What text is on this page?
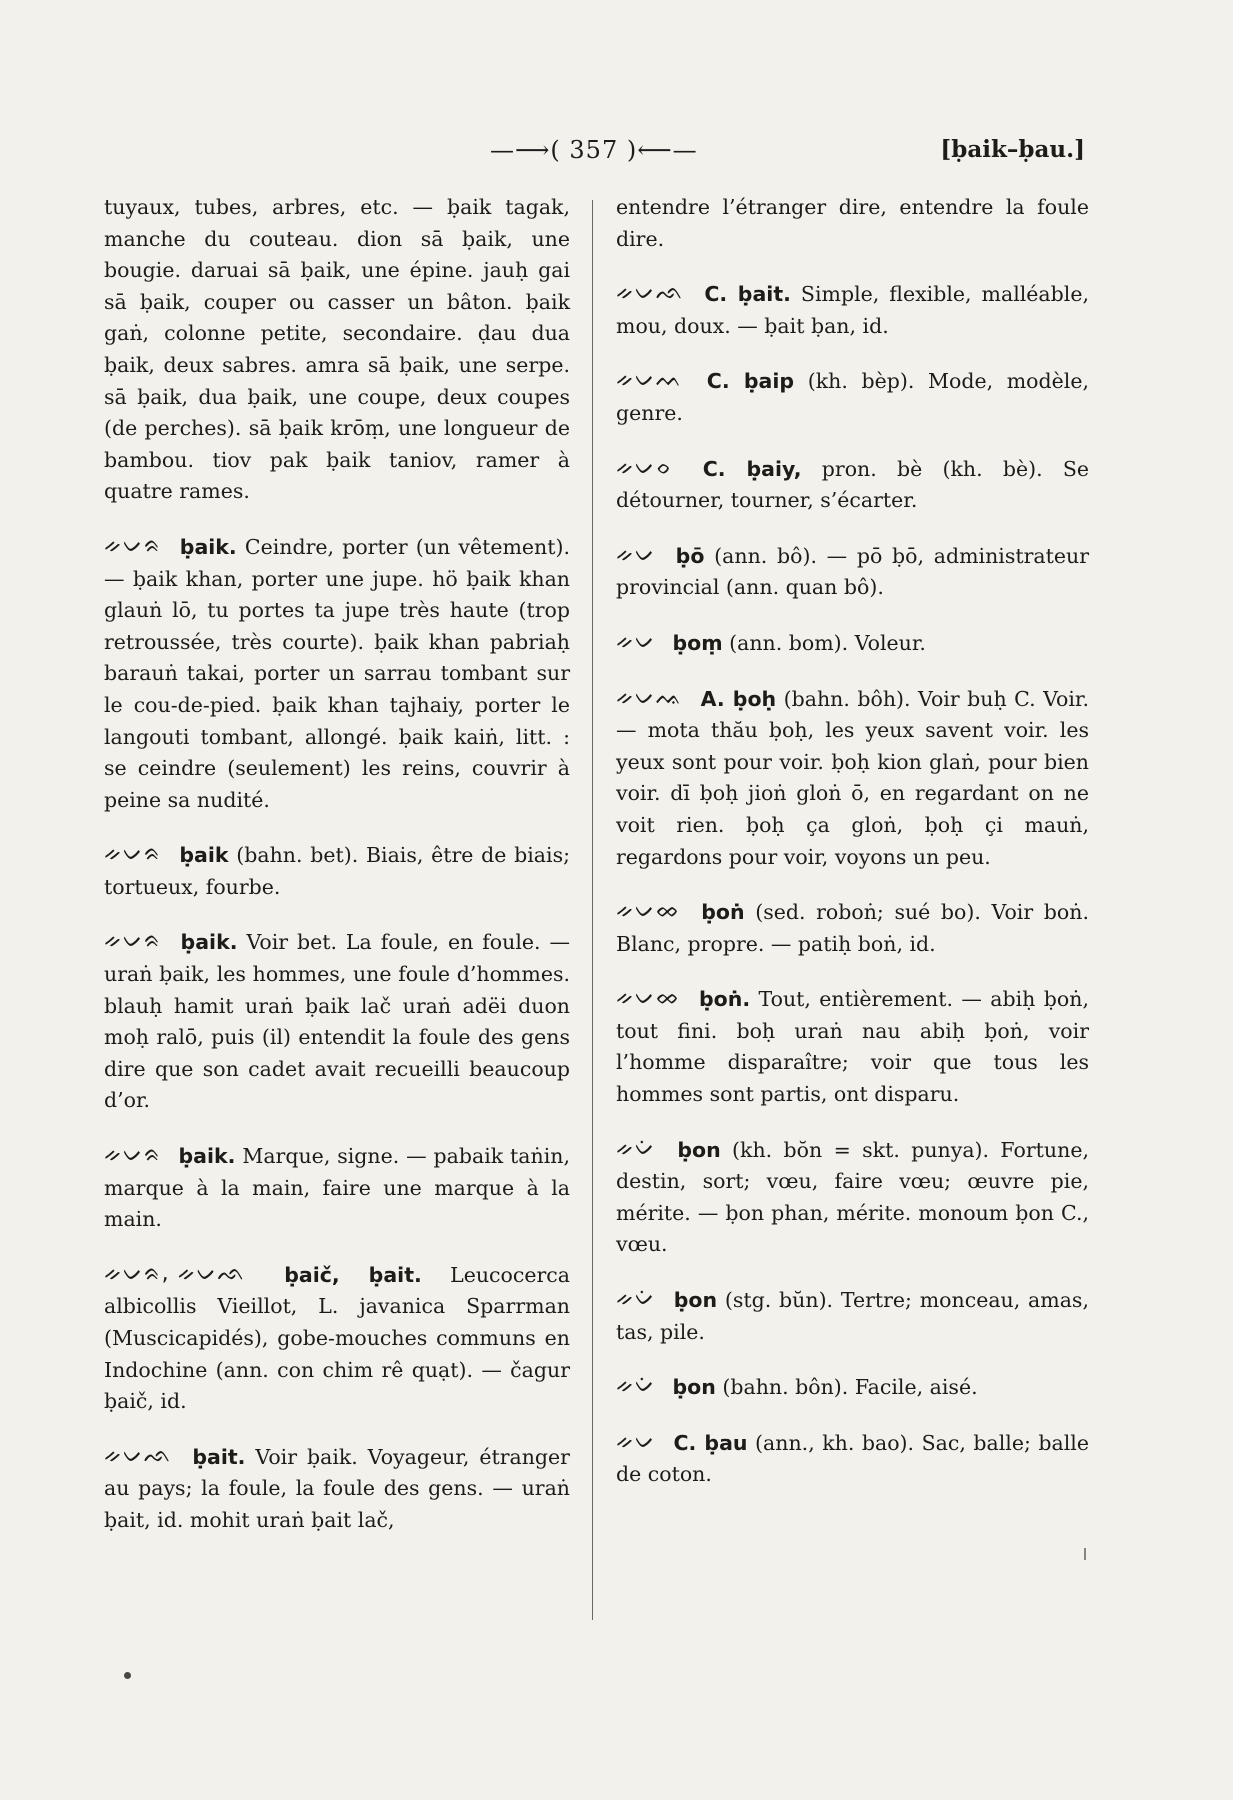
—⟶( 357 )⟵—	[ḅaik–ḅau.]

tuyaux, tubes, arbres, etc. — ḅaik tagak, manche du couteau. dion sā ḅaik, une bougie. daruai sā ḅaik, une épine. jauḥ gai sā ḅaik, couper ou casser un bâton. ḅaik gaṅ, colonne petite, secondaire. ḍau dua ḅaik, deux sabres. amra sā ḅaik, une serpe. sā ḅaik, dua ḅaik, une coupe, deux coupes (de perches). sā ḅaik krōṃ, une longueur de bambou. tiov pak ḅaik taniov, ramer à quatre rames.

ᨀᨆᨑ ḅaik. Ceindre, porter (un vêtement). — ḅaik khan, porter une jupe. hö ḅaik khan glauṅ lō, tu portes ta jupe très haute (trop retroussée, très courte). ḅaik khan pabriaḥ barauṅ takai, porter un sarrau tombant sur le cou-de-pied. ḅaik khan tajhaiy, porter le langouti tombant, allongé. ḅaik kaiṅ, litt. : se ceindre (seulement) les reins, couvrir à peine sa nudité.

ᨀᨆᨑ ḅaik (bahn. bet). Biais, être de biais; tortueux, fourbe.

ᨀᨆᨑ ḅaik. Voir bet. La foule, en foule. — uraṅ ḅaik, les hommes, une foule d’hommes. blauḥ hamit uraṅ ḅaik lač uraṅ adëi duon moḥ ralō, puis (il) entendit la foule des gens dire que son cadet avait recueilli beaucoup d’or.

ᨀᨆᨑ ḅaik. Marque, signe. — pabaik taṅin, marque à la main, faire une marque à la main.

ᨀᨆᨑ, ᨀᨆᨒ ḅaič, ḅait. Leucocerca albicollis Vieillot, L. javanica Sparrman (Muscicapidés), gobe-mouches communs en Indochine (ann. con chim rê quạt). — čagur ḅaič, id.

ᨀᨆᨒ ḅait. Voir ḅaik. Voyageur, étranger au pays; la foule, la foule des gens. — uraṅ ḅait, id. mohit uraṅ ḅait lač,

entendre l’étranger dire, entendre la foule dire.

ᨀᨆᨒ C. ḅait. Simple, flexible, malléable, mou, doux. — ḅait ḅan, id.

ᨀᨆᨓ C. ḅaip (kh. bèp). Mode, modèle, genre.

ᨀᨆᨔ C. ḅaiy, pron. bè (kh. bè). Se détourner, tourner, s’écarter.

ᨀᨆ ḅō (ann. bô). — pō ḅō, administrateur provincial (ann. quan bô).

ᨀᨆ ḅoṃ (ann. bom). Voleur.

ᨀᨆᨕ A. ḅoḥ (bahn. bôh). Voir buḥ C. Voir. — mota thău ḅoḥ, les yeux savent voir. les yeux sont pour voir. ḅoḥ kion glaṅ, pour bien voir. dī ḅoḥ jioṅ gloṅ ō, en regardant on ne voit rien. ḅoḥ ça gloṅ, ḅoḥ çi mauṅ, regardons pour voir, voyons un peu.

ᨀᨆᨖ ḅoṅ (sed. roboṅ; sué bo). Voir boṅ. Blanc, propre. — patiḥ boṅ, id.

ᨀᨆᨖ ḅoṅ. Tout, entièrement. — abiḥ ḅoṅ, tout fini. boḥ uraṅ nau abiḥ ḅoṅ, voir l’homme disparaître; voir que tous les hommes sont partis, ont disparu.

ᨀᨆᨗ ḅon (kh. bŏn = skt. punya). Fortune, destin, sort; vœu, faire vœu; œuvre pie, mérite. — ḅon phan, mérite. monoum ḅon C., vœu.

ᨀᨆᨗ ḅon (stg. bŭn). Tertre; monceau, amas, tas, pile.

ᨀᨆᨗ ḅon (bahn. bôn). Facile, aisé.

ᨀᨆ C. ḅau (ann., kh. bao). Sac, balle; balle de coton.
